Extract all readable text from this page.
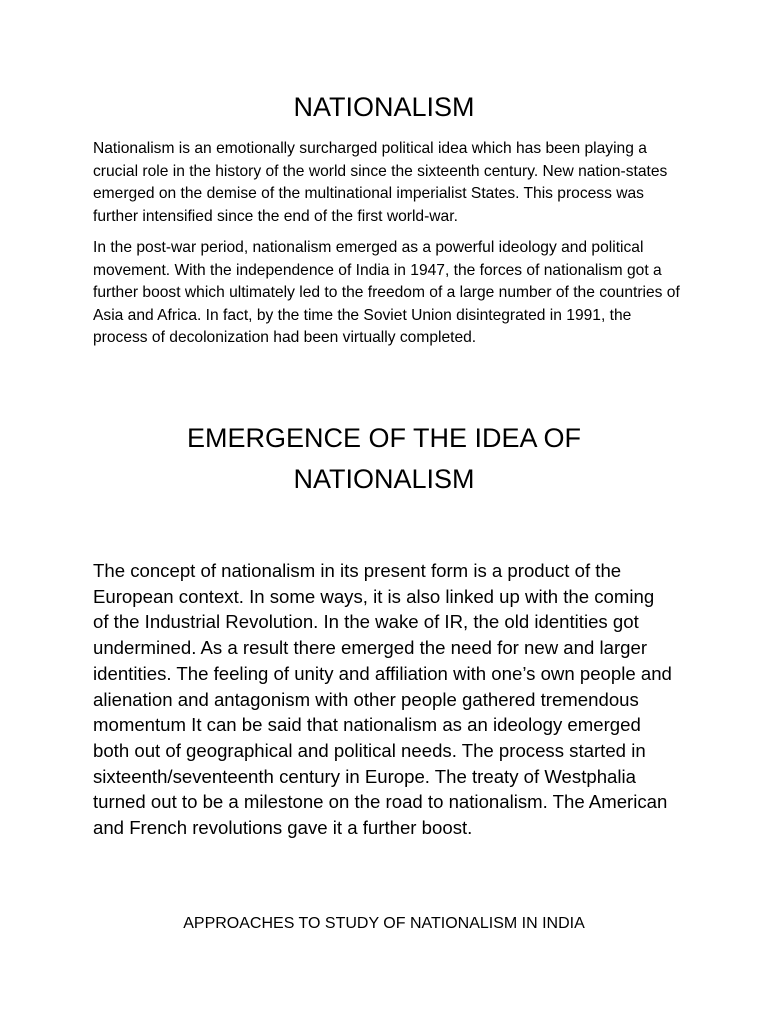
NATIONALISM

Nationalism is an emotionally surcharged political idea which has been playing a crucial role in the history of the world since the sixteenth century. New nation-states emerged on the demise of the multinational imperialist States. This process was further intensified since the end of the first world-war.

In the post-war period, nationalism emerged as a powerful ideology and political movement. With the independence of India in 1947, the forces of nationalism got a further boost which ultimately led to the freedom of a large number of the countries of Asia and Africa. In fact, by the time the Soviet Union disintegrated in 1991, the process of decolonization had been virtually completed.

EMERGENCE OF THE IDEA OF NATIONALISM

The concept of nationalism in its present form is a product of the European context. In some ways, it is also linked up with the coming of the Industrial Revolution. In the wake of IR, the old identities got undermined. As a result there emerged the need for new and larger identities. The feeling of unity and affiliation with one’s own people and alienation and antagonism with other people gathered tremendous momentum It can be said that nationalism as an ideology emerged both out of geographical and political needs. The process started in sixteenth/seventeenth century in Europe. The treaty of Westphalia turned out to be a milestone on the road to nationalism. The American and French revolutions gave it a further boost.

APPROACHES TO STUDY OF NATIONALISM IN INDIA
